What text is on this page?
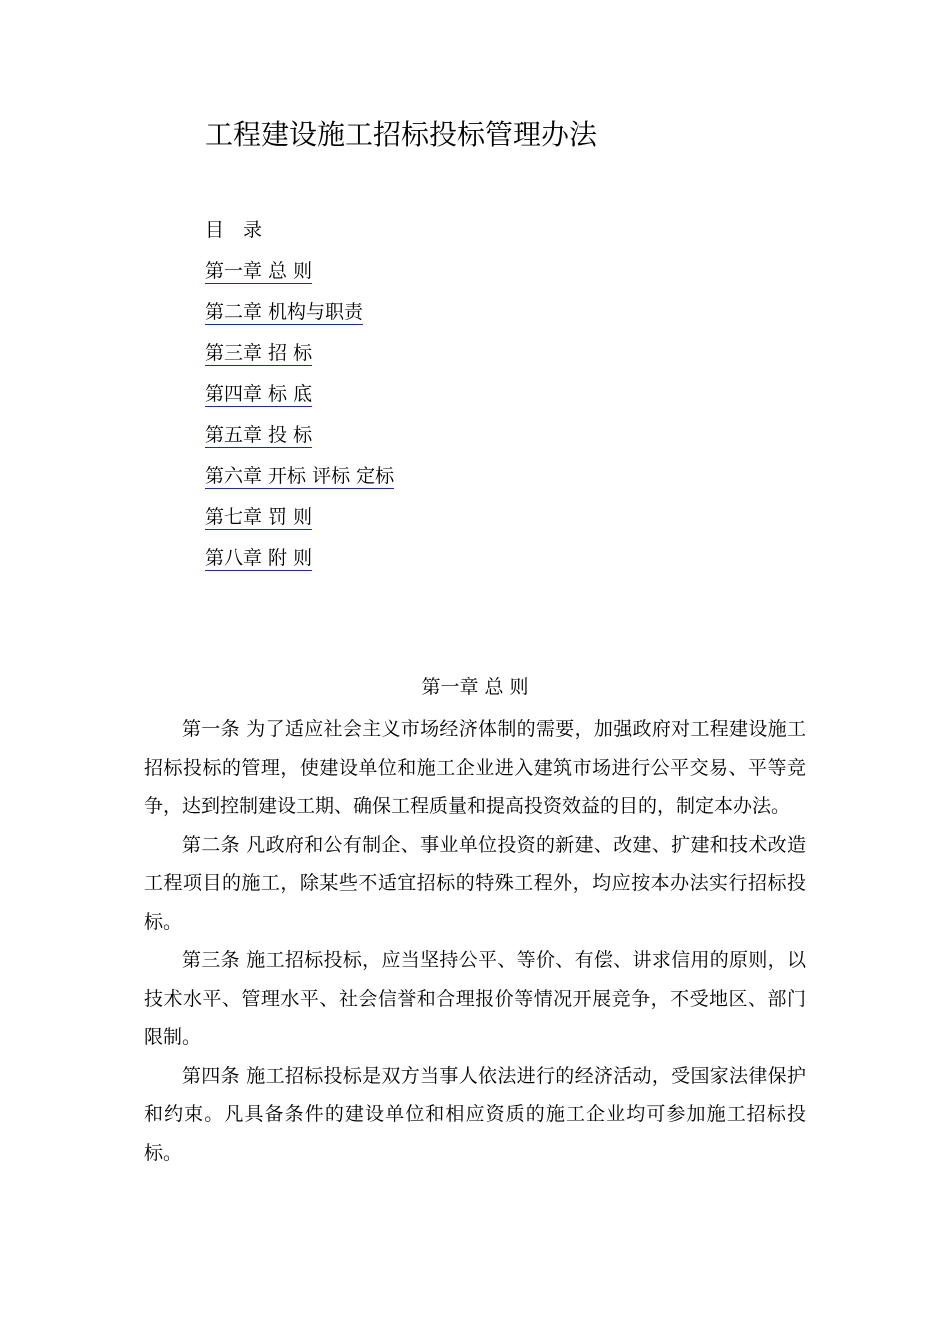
工程建设施工招标投标管理办法
目　录
第一章 总 则
第二章 机构与职责
第三章 招 标
第四章 标 底
第五章 投 标
第六章 开标 评标 定标
第七章 罚 则
第八章 附 则
第一章 总 则

第一条 为了适应社会主义市场经济体制的需要，加强政府对工程建设施工招标投标的管理，使建设单位和施工企业进入建筑市场进行公平交易、平等竞争，达到控制建设工期、确保工程质量和提高投资效益的目的，制定本办法。

第二条 凡政府和公有制企、事业单位投资的新建、改建、扩建和技术改造工程项目的施工，除某些不适宜招标的特殊工程外，均应按本办法实行招标投标。

第三条 施工招标投标，应当坚持公平、等价、有偿、讲求信用的原则，以技术水平、管理水平、社会信誉和合理报价等情况开展竞争，不受地区、部门限制。

第四条 施工招标投标是双方当事人依法进行的经济活动，受国家法律保护和约束。凡具备条件的建设单位和相应资质的施工企业均可参加施工招标投标。
